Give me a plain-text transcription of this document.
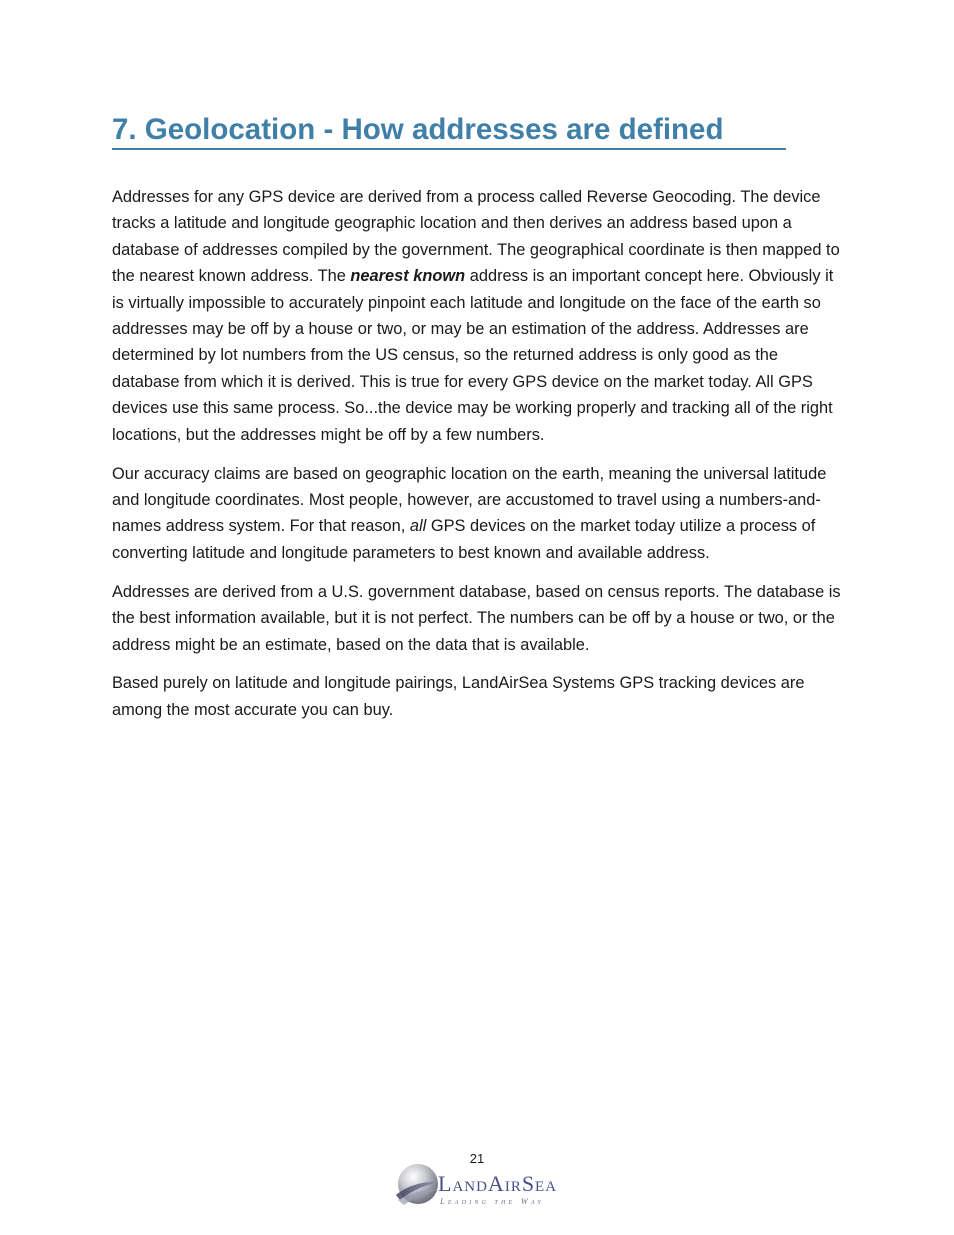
7. Geolocation - How addresses are defined

Addresses for any GPS device are derived from a process called Reverse Geocoding. The device tracks a latitude and longitude geographic location and then derives an address based upon a database of addresses compiled by the government. The geographical coordinate is then mapped to the nearest known address. The nearest known address is an important concept here. Obviously it is virtually impossible to accurately pinpoint each latitude and longitude on the face of the earth so addresses may be off by a house or two, or may be an estimation of the address. Addresses are determined by lot numbers from the US census, so the returned address is only good as the database from which it is derived. This is true for every GPS device on the market today. All GPS devices use this same process. So...the device may be working properly and tracking all of the right locations, but the addresses might be off by a few numbers.

Our accuracy claims are based on geographic location on the earth, meaning the universal latitude and longitude coordinates. Most people, however, are accustomed to travel using a numbers-and-names address system. For that reason, all GPS devices on the market today utilize a process of converting latitude and longitude parameters to best known and available address.

Addresses are derived from a U.S. government database, based on census reports. The database is the best information available, but it is not perfect. The numbers can be off by a house or two, or the address might be an estimate, based on the data that is available.

Based purely on latitude and longitude pairings, LandAirSea Systems GPS tracking devices are among the most accurate you can buy.

21
LandAirSea
Leading the Way
